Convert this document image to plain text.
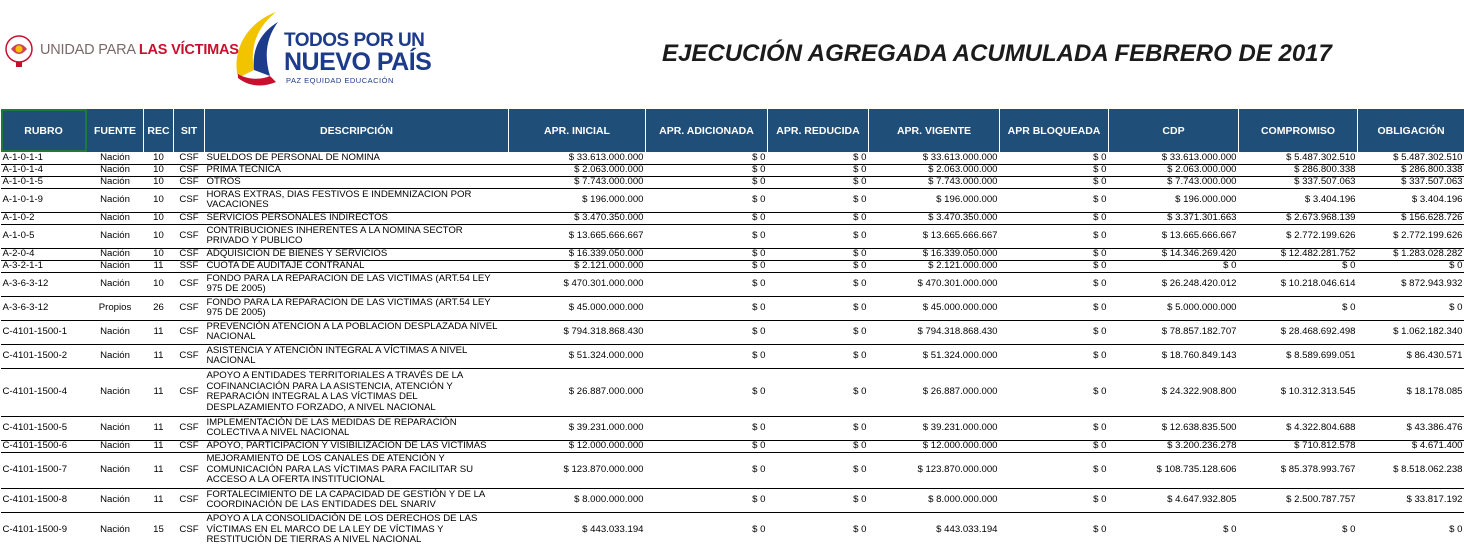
UNIDAD PARA LAS VÍCTIMAS TODOS POR UN
NUEVO PAÍS
PAZ EQUIDAD EDUCACIÓN
EJECUCIÓN AGREGADA ACUMULADA FEBRERO DE 2017
RUBRO	FUENTE	REC	SIT	DESCRIPCIÓN	APR. INICIAL	APR. ADICIONADA	APR. REDUCIDA	APR. VIGENTE	APR BLOQUEADA	CDP	COMPROMISO	OBLIGACIÓN
A-1-0-1-1	Nación	10	CSF	SUELDOS DE PERSONAL DE NOMINA	$ 33.613.000.000	$ 0	$ 0	$ 33.613.000.000	$ 0	$ 33.613.000.000	$ 5.487.302.510	$ 5.487.302.510
A-1-0-1-4	Nación	10	CSF	PRIMA TECNICA	$ 2.063.000.000	$ 0	$ 0	$ 2.063.000.000	$ 0	$ 2.063.000.000	$ 286.800.338	$ 286.800.338
A-1-0-1-5	Nación	10	CSF	OTROS	$ 7.743.000.000	$ 0	$ 0	$ 7.743.000.000	$ 0	$ 7.743.000.000	$ 337.507.063	$ 337.507.063
A-1-0-1-9	Nación	10	CSF	HORAS EXTRAS, DIAS FESTIVOS E INDEMNIZACION POR VACACIONES	$ 196.000.000	$ 0	$ 0	$ 196.000.000	$ 0	$ 196.000.000	$ 3.404.196	$ 3.404.196
A-1-0-2	Nación	10	CSF	SERVICIOS PERSONALES INDIRECTOS	$ 3.470.350.000	$ 0	$ 0	$ 3.470.350.000	$ 0	$ 3.371.301.663	$ 2.673.968.139	$ 156.628.726
A-1-0-5	Nación	10	CSF	CONTRIBUCIONES INHERENTES A LA NOMINA SECTOR PRIVADO Y PUBLICO	$ 13.665.666.667	$ 0	$ 0	$ 13.665.666.667	$ 0	$ 13.665.666.667	$ 2.772.199.626	$ 2.772.199.626
A-2-0-4	Nación	10	CSF	ADQUISICION DE BIENES Y SERVICIOS	$ 16.339.050.000	$ 0	$ 0	$ 16.339.050.000	$ 0	$ 14.346.269.420	$ 12.482.281.752	$ 1.283.028.282
A-3-2-1-1	Nación	11	SSF	CUOTA DE AUDITAJE CONTRANAL	$ 2.121.000.000	$ 0	$ 0	$ 2.121.000.000	$ 0	$ 0	$ 0	$ 0
A-3-6-3-12	Nación	10	CSF	FONDO PARA LA REPARACION DE LAS VICTIMAS (ART.54 LEY 975 DE 2005)	$ 470.301.000.000	$ 0	$ 0	$ 470.301.000.000	$ 0	$ 26.248.420.012	$ 10.218.046.614	$ 872.943.932
A-3-6-3-12	Propios	26	CSF	FONDO PARA LA REPARACION DE LAS VICTIMAS (ART.54 LEY 975 DE 2005)	$ 45.000.000.000	$ 0	$ 0	$ 45.000.000.000	$ 0	$ 5.000.000.000	$ 0	$ 0
C-4101-1500-1	Nación	11	CSF	PREVENCIÓN ATENCION A LA POBLACION DESPLAZADA NIVEL NACIONAL	$ 794.318.868.430	$ 0	$ 0	$ 794.318.868.430	$ 0	$ 78.857.182.707	$ 28.468.692.498	$ 1.062.182.340
C-4101-1500-2	Nación	11	CSF	ASISTENCIA Y ATENCIÓN INTEGRAL A VÍCTIMAS A NIVEL NACIONAL	$ 51.324.000.000	$ 0	$ 0	$ 51.324.000.000	$ 0	$ 18.760.849.143	$ 8.589.699.051	$ 86.430.571
C-4101-1500-4	Nación	11	CSF	APOYO A ENTIDADES TERRITORIALES A TRAVÉS DE LA COFINANCIACIÓN PARA LA ASISTENCIA, ATENCIÓN Y REPARACIÓN INTEGRAL A LAS VÍCTIMAS DEL DESPLAZAMIENTO FORZADO, A NIVEL NACIONAL	$ 26.887.000.000	$ 0	$ 0	$ 26.887.000.000	$ 0	$ 24.322.908.800	$ 10.312.313.545	$ 18.178.085
C-4101-1500-5	Nación	11	CSF	IMPLEMENTACIÓN DE LAS MEDIDAS DE REPARACIÓN COLECTIVA A NIVEL NACIONAL	$ 39.231.000.000	$ 0	$ 0	$ 39.231.000.000	$ 0	$ 12.638.835.500	$ 4.322.804.688	$ 43.386.476
C-4101-1500-6	Nación	11	CSF	APOYO, PARTICIPACIÓN Y VISIBILIZACIÓN DE LAS VÍCTIMAS	$ 12.000.000.000	$ 0	$ 0	$ 12.000.000.000	$ 0	$ 3.200.236.278	$ 710.812.578	$ 4.671.400
C-4101-1500-7	Nación	11	CSF	MEJORAMIENTO DE LOS CANALES DE ATENCIÓN Y COMUNICACIÓN PARA LAS VÍCTIMAS PARA FACILITAR SU ACCESO A LA OFERTA INSTITUCIONAL	$ 123.870.000.000	$ 0	$ 0	$ 123.870.000.000	$ 0	$ 108.735.128.606	$ 85.378.993.767	$ 8.518.062.238
C-4101-1500-8	Nación	11	CSF	FORTALECIMIENTO DE LA CAPACIDAD DE GESTIÓN Y DE LA COORDINACIÓN DE LAS ENTIDADES DEL SNARIV	$ 8.000.000.000	$ 0	$ 0	$ 8.000.000.000	$ 0	$ 4.647.932.805	$ 2.500.787.757	$ 33.817.192
C-4101-1500-9	Nación	15	CSF	APOYO A LA CONSOLIDACIÓN DE LOS DERECHOS DE LAS VÍCTIMAS EN EL MARCO DE LA LEY DE VÍCTIMAS Y RESTITUCIÓN DE TIERRAS A NIVEL NACIONAL	$ 443.033.194	$ 0	$ 0	$ 443.033.194	$ 0	$ 0	$ 0	$ 0
